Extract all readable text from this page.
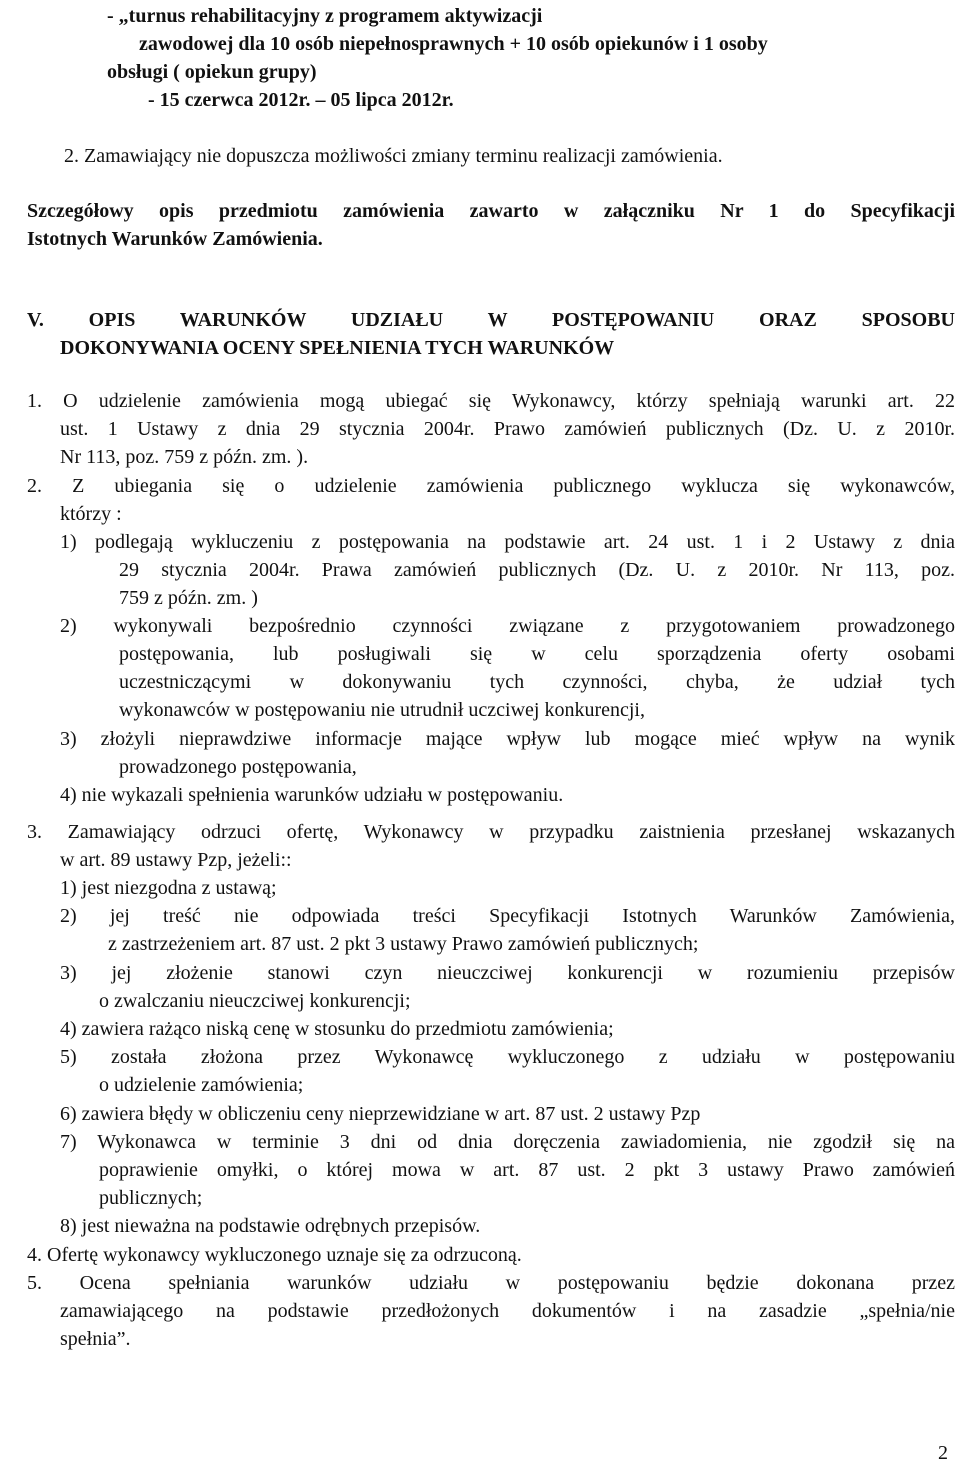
- „turnus rehabilitacyjny z programem aktywizacji
zawodowej dla 10 osób niepełnosprawnych + 10 osób opiekunów i 1 osoby
obsługi ( opiekun grupy)
- 15 czerwca 2012r. – 05 lipca 2012r.
2. Zamawiający nie dopuszcza możliwości zmiany terminu realizacji zamówienia.
Szczegółowy opis przedmiotu zamówienia zawarto w załączniku Nr 1 do Specyfikacji
Istotnych Warunków Zamówienia.
V. OPIS WARUNKÓW UDZIAŁU W POSTĘPOWANIU ORAZ SPOSOBU
DOKONYWANIA OCENY SPEŁNIENIA TYCH WARUNKÓW
1. O udzielenie zamówienia mogą ubiegać się Wykonawcy, którzy spełniają warunki art. 22
ust. 1 Ustawy z dnia 29 stycznia 2004r. Prawo zamówień publicznych (Dz. U. z 2010r.
Nr 113, poz. 759 z późn. zm. ).
2. Z ubiegania się o udzielenie zamówienia publicznego wyklucza się wykonawców,
którzy :
1) podlegają wykluczeniu z postępowania na podstawie art. 24 ust. 1 i 2 Ustawy z dnia
29 stycznia 2004r. Prawa zamówień publicznych (Dz. U. z 2010r. Nr 113, poz.
759 z późn. zm. )
2) wykonywali bezpośrednio czynności związane z przygotowaniem prowadzonego
postępowania, lub posługiwali się w celu sporządzenia oferty osobami
uczestniczącymi w dokonywaniu tych czynności, chyba, że udział tych
wykonawców w postępowaniu nie utrudnił uczciwej konkurencji,
3) złożyli nieprawdziwe informacje mające wpływ lub mogące mieć wpływ na wynik
prowadzonego postępowania,
4) nie wykazali spełnienia warunków udziału w postępowaniu.
3. Zamawiający odrzuci ofertę, Wykonawcy w przypadku zaistnienia przesłanej wskazanych
w art. 89 ustawy Pzp, jeżeli::
1) jest niezgodna z ustawą;
2) jej treść nie odpowiada treści Specyfikacji Istotnych Warunków Zamówienia,
z zastrzeżeniem art. 87 ust. 2 pkt 3 ustawy Prawo zamówień publicznych;
3) jej złożenie stanowi czyn nieuczciwej konkurencji w rozumieniu przepisów
o zwalczaniu nieuczciwej konkurencji;
4) zawiera rażąco niską cenę w stosunku do przedmiotu zamówienia;
5) została złożona przez Wykonawcę wykluczonego z udziału w postępowaniu
o udzielenie zamówienia;
6) zawiera błędy w obliczeniu ceny nieprzewidziane w art. 87 ust. 2 ustawy Pzp
7) Wykonawca w terminie 3 dni od dnia doręczenia zawiadomienia, nie zgodził się na
poprawienie omyłki, o której mowa w art. 87 ust. 2 pkt 3 ustawy Prawo zamówień
publicznych;
8) jest nieważna na podstawie odrębnych przepisów.
4. Ofertę wykonawcy wykluczonego uznaje się za odrzuconą.
5. Ocena spełniania warunków udziału w postępowaniu będzie dokonana przez
zamawiającego na podstawie przedłożonych dokumentów i na zasadzie „spełnia/nie
spełnia”.
2
